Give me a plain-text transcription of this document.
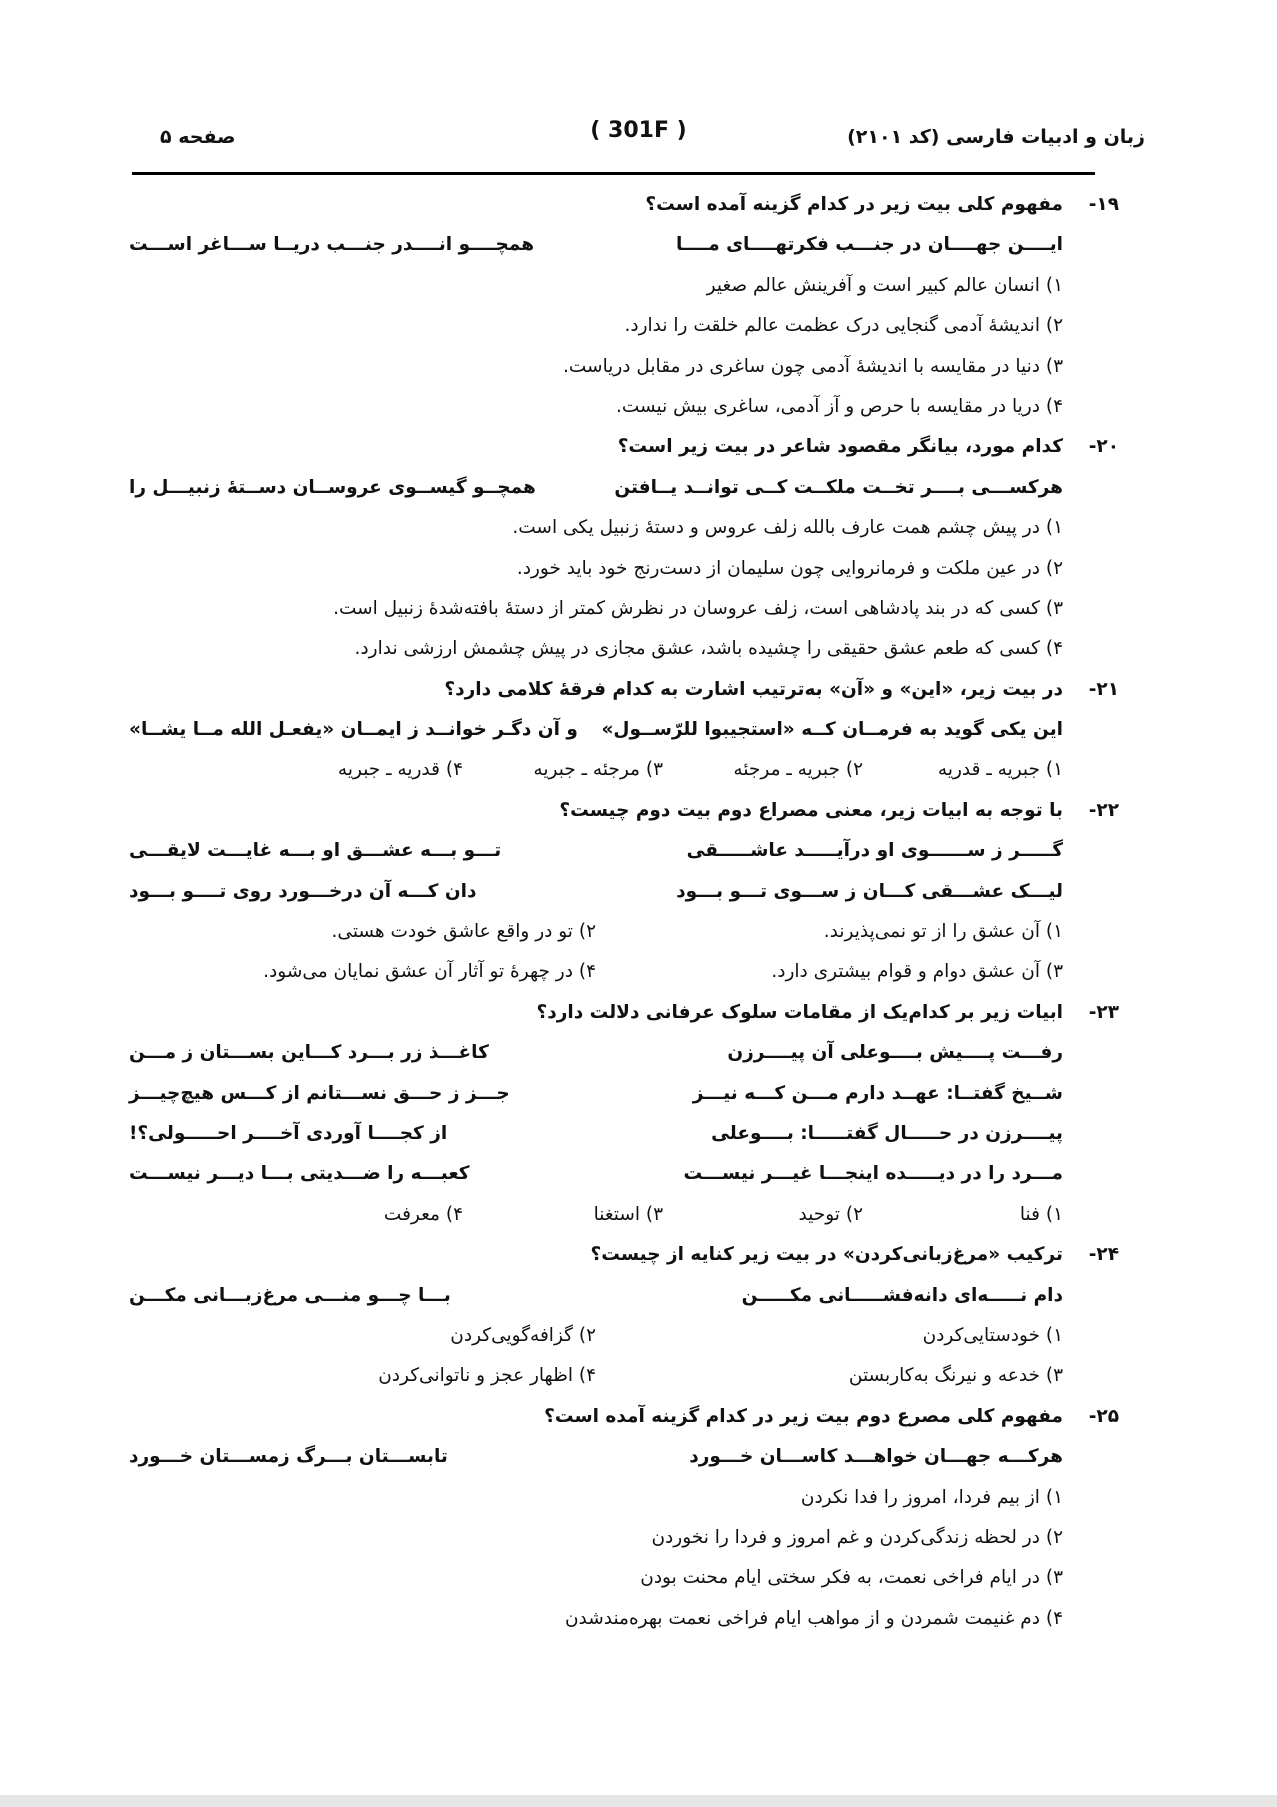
زبان و ادبیات فارسی (کد ۲۱۰۱)
( 301F )
صفحه ۵
۱۹-
مفهوم کلی بیت زیر در کدام گزینه آمده است؟
ایــــن جهــــان در جنـــب فکرتهــــای مــــا
همچــــو انــــدر جنـــب دریــا ســـاغر اســـت
۱) انسان عالم کبیر است و آفرینش عالم صغیر
۲) اندیشهٔ آدمی گنجایی درک عظمت عالم خلقت را ندارد.
۳) دنیا در مقایسه با اندیشهٔ آدمی چون ساغری در مقابل دریاست.
۴) دریا در مقایسه با حرص و آز آدمی، ساغری بیش نیست.
۲۰-
کدام مورد، بیانگر مقصود شاعر در بیت زیر است؟
هرکســـی بــــر تخــت ملکــت کــی توانــد یــافتن
همچــو گیســوی عروســان دســتهٔ زنبیـــل را
۱) در پیش چشم همت عارف بالله زلف عروس و دستهٔ زنبیل یکی است.
۲) در عین ملکت و فرمانروایی چون سلیمان از دست‌رنج خود باید خورد.
۳) کسی که در بند پادشاهی است، زلف عروسان در نظرش کمتر از دستهٔ بافته‌شدهٔ زنبیل است.
۴) کسی که طعم عشق حقیقی را چشیده باشد، عشق مجازی در پیش چشمش ارزشی ندارد.
۲۱-
در بیت زیر، «این» و «آن» به‌ترتیب اشارت به کدام فرقهٔ کلامی دارد؟
این یکی گوید به فرمــان کــه «استجیبوا للرّســول»
و آن دگـر خوانــد ز ایمــان «یفعـل الله مــا یشــا»
۱) جبریه ـ قدریه
۲) جبریه ـ مرجئه
۳) مرجئه ـ جبریه
۴) قدریه ـ جبریه
۲۲-
با توجه به ابیات زیر، معنی مصراع دوم بیت دوم چیست؟
گـــــر ز ســــــوی او درآیـــــد عاشـــــقی
تـــو بـــه عشـــق او بـــه غایـــت لایقـــی
لیـــک عشـــقی کـــان ز ســـوی تـــو بـــود
دان کـــه آن درخـــورد روی تــــو بـــود
۱) آن عشق را از تو نمی‌پذیرند.
۲) تو در واقع عاشق خودت هستی.
۳) آن عشق دوام و قوام بیشتری دارد.
۴) در چهرهٔ تو آثار آن عشق نمایان می‌شود.
۲۳-
ابیات زیر بر کدام‌یک از مقامات سلوک عرفانی دلالت دارد؟
رفـــت پــــیش بــــوعلی آن پیــــرزن
کاغـــذ زر بـــرد کـــاین بســـتان ز مـــن
شــیخ گفتــا: عهــد دارم مـــن کـــه نیـــز
جـــز ز حـــق نســـتانم از کـــس هیچ‌چیـــز
پیــــرزن در حـــــال گفتـــــا: بــــوعلی
از کجــــا آوردی آخــــر احـــــولی؟!
مـــرد را در دیـــــده اینجـــا غیـــر نیســـت
کعبـــه را ضـــدیتی بـــا دیـــر نیســـت
۱) فنا
۲) توحید
۳) استغنا
۴) معرفت
۲۴-
ترکیب «مرغ‌زبانی‌کردن» در بیت زیر کنایه از چیست؟
دام نـــــه‌ای دانه‌فشـــــانی مکـــــن
بـــا چـــو منـــی مرغ‌زبـــانی مکـــن
۱) خودستایی‌کردن
۲) گزافه‌گویی‌کردن
۳) خدعه و نیرنگ به‌کاربستن
۴) اظهار عجز و ناتوانی‌کردن
۲۵-
مفهوم کلی مصرع دوم بیت زیر در کدام گزینه آمده است؟
هرکـــه جهـــان خواهـــد کاســـان خـــورد
تابســـتان بـــرگ زمســـتان خـــورد
۱) از بیم فردا، امروز را فدا نکردن
۲) در لحظه زندگی‌کردن و غم امروز و فردا را نخوردن
۳) در ایام فراخی نعمت، به فکر سختی ایام محنت بودن
۴) دم غنیمت شمردن و از مواهب ایام فراخی نعمت بهره‌مندشدن
